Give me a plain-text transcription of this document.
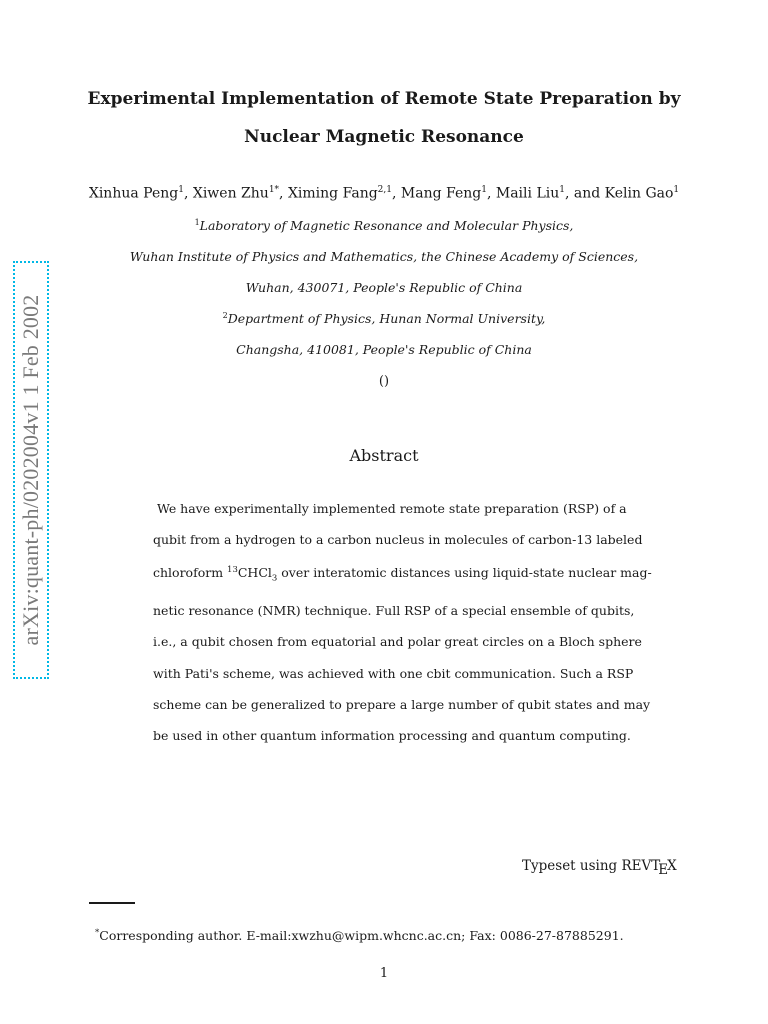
Experimental Implementation of Remote State Preparation by
Nuclear Magnetic Resonance
Xinhua Peng$^1$, Xiwen Zhu$^{1*}$, Ximing Fang$^{2,1}$, Mang Feng$^1$, Maili Liu$^1$, and Kelin Gao$^1$
$^1$Laboratory of Magnetic Resonance and Molecular Physics,
Wuhan Institute of Physics and Mathematics, the Chinese Academy of Sciences,
Wuhan, 430071, People's Republic of China
$^2$Department of Physics, Hunan Normal University,
Changsha, 410081, People's Republic of China
()
Abstract
We have experimentally implemented remote state preparation (RSP) of a
qubit from a hydrogen to a carbon nucleus in molecules of carbon-13 labeled
chloroform $^{13}$CHCl$_3$ over interatomic distances using liquid-state nuclear mag-
netic resonance (NMR) technique. Full RSP of a special ensemble of qubits,
i.e., a qubit chosen from equatorial and polar great circles on a Bloch sphere
with Pati's scheme, was achieved with one cbit communication. Such a RSP
scheme can be generalized to prepare a large number of qubit states and may
be used in other quantum information processing and quantum computing.
Typeset using REVTEX
*Corresponding author. E-mail:xwzhu@wipm.whcnc.ac.cn; Fax: 0086-27-87885291.
1
arXiv:quant-ph/0202004v1 1 Feb 2002
